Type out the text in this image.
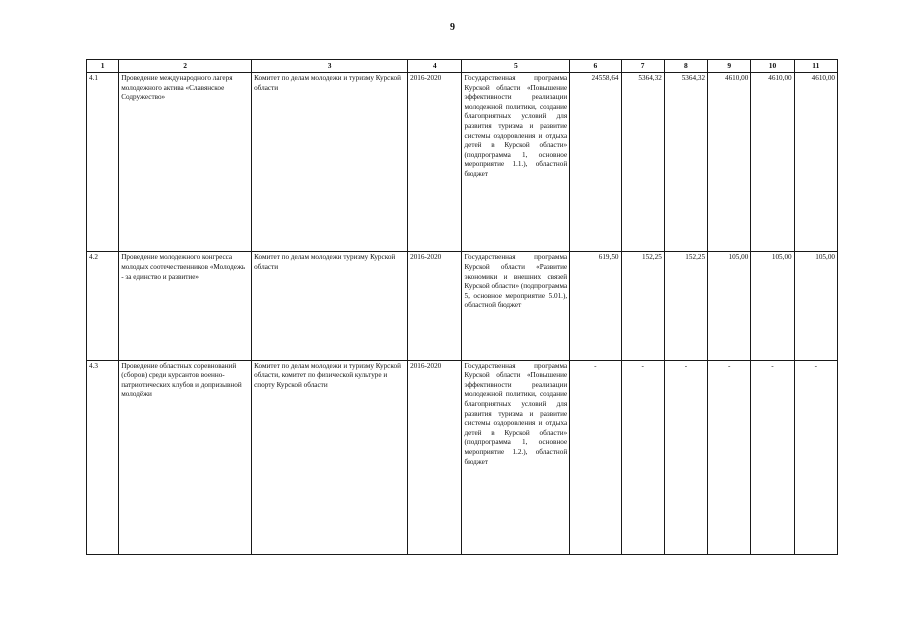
9
1	2	3	4	5	6	7	8	9	10	11
4.1	Проведение международного лагеря молодежного актива «Славянское Содружество»	Комитет по делам молодежи и туризму Курской области	2016-2020	Государственная программа Курской области «Повышение эффективности реализации молодежной политики, создание благоприятных условий для развития туризма и развитие системы оздоровления и отдыха детей в Курской области» (подпрограмма 1, основное мероприятие 1.1.), областной бюджет	24558,64	5364,32	5364,32	4610,00	4610,00	4610,00
4.2	Проведение молодежного конгресса молодых соотечественников «Молодежь - за единство и развитие»	Комитет по делам молодежи туризму Курской области	2016-2020	Государственная программа Курской области «Развитие экономики и внешних связей Курской области» (подпрограмма 5, основное мероприятие 5.01.), областной бюджет	619,50	152,25	152,25	105,00	105,00	105,00
4.3	Проведение областных соревнований (сборов) среди курсантов военно-патриотических клубов и допризывной молодёжи	Комитет по делам молодежи и туризму Курской области, комитет по физической культуре и спорту Курской области	2016-2020	Государственная программа Курской области «Повышение эффективности реализации молодежной политики, создание благоприятных условий для развития туризма и развитие системы оздоровления и отдыха детей в Курской области» (подпрограмма 1, основное мероприятие 1.2.), областной бюджет	-	-	-	-	-	-
